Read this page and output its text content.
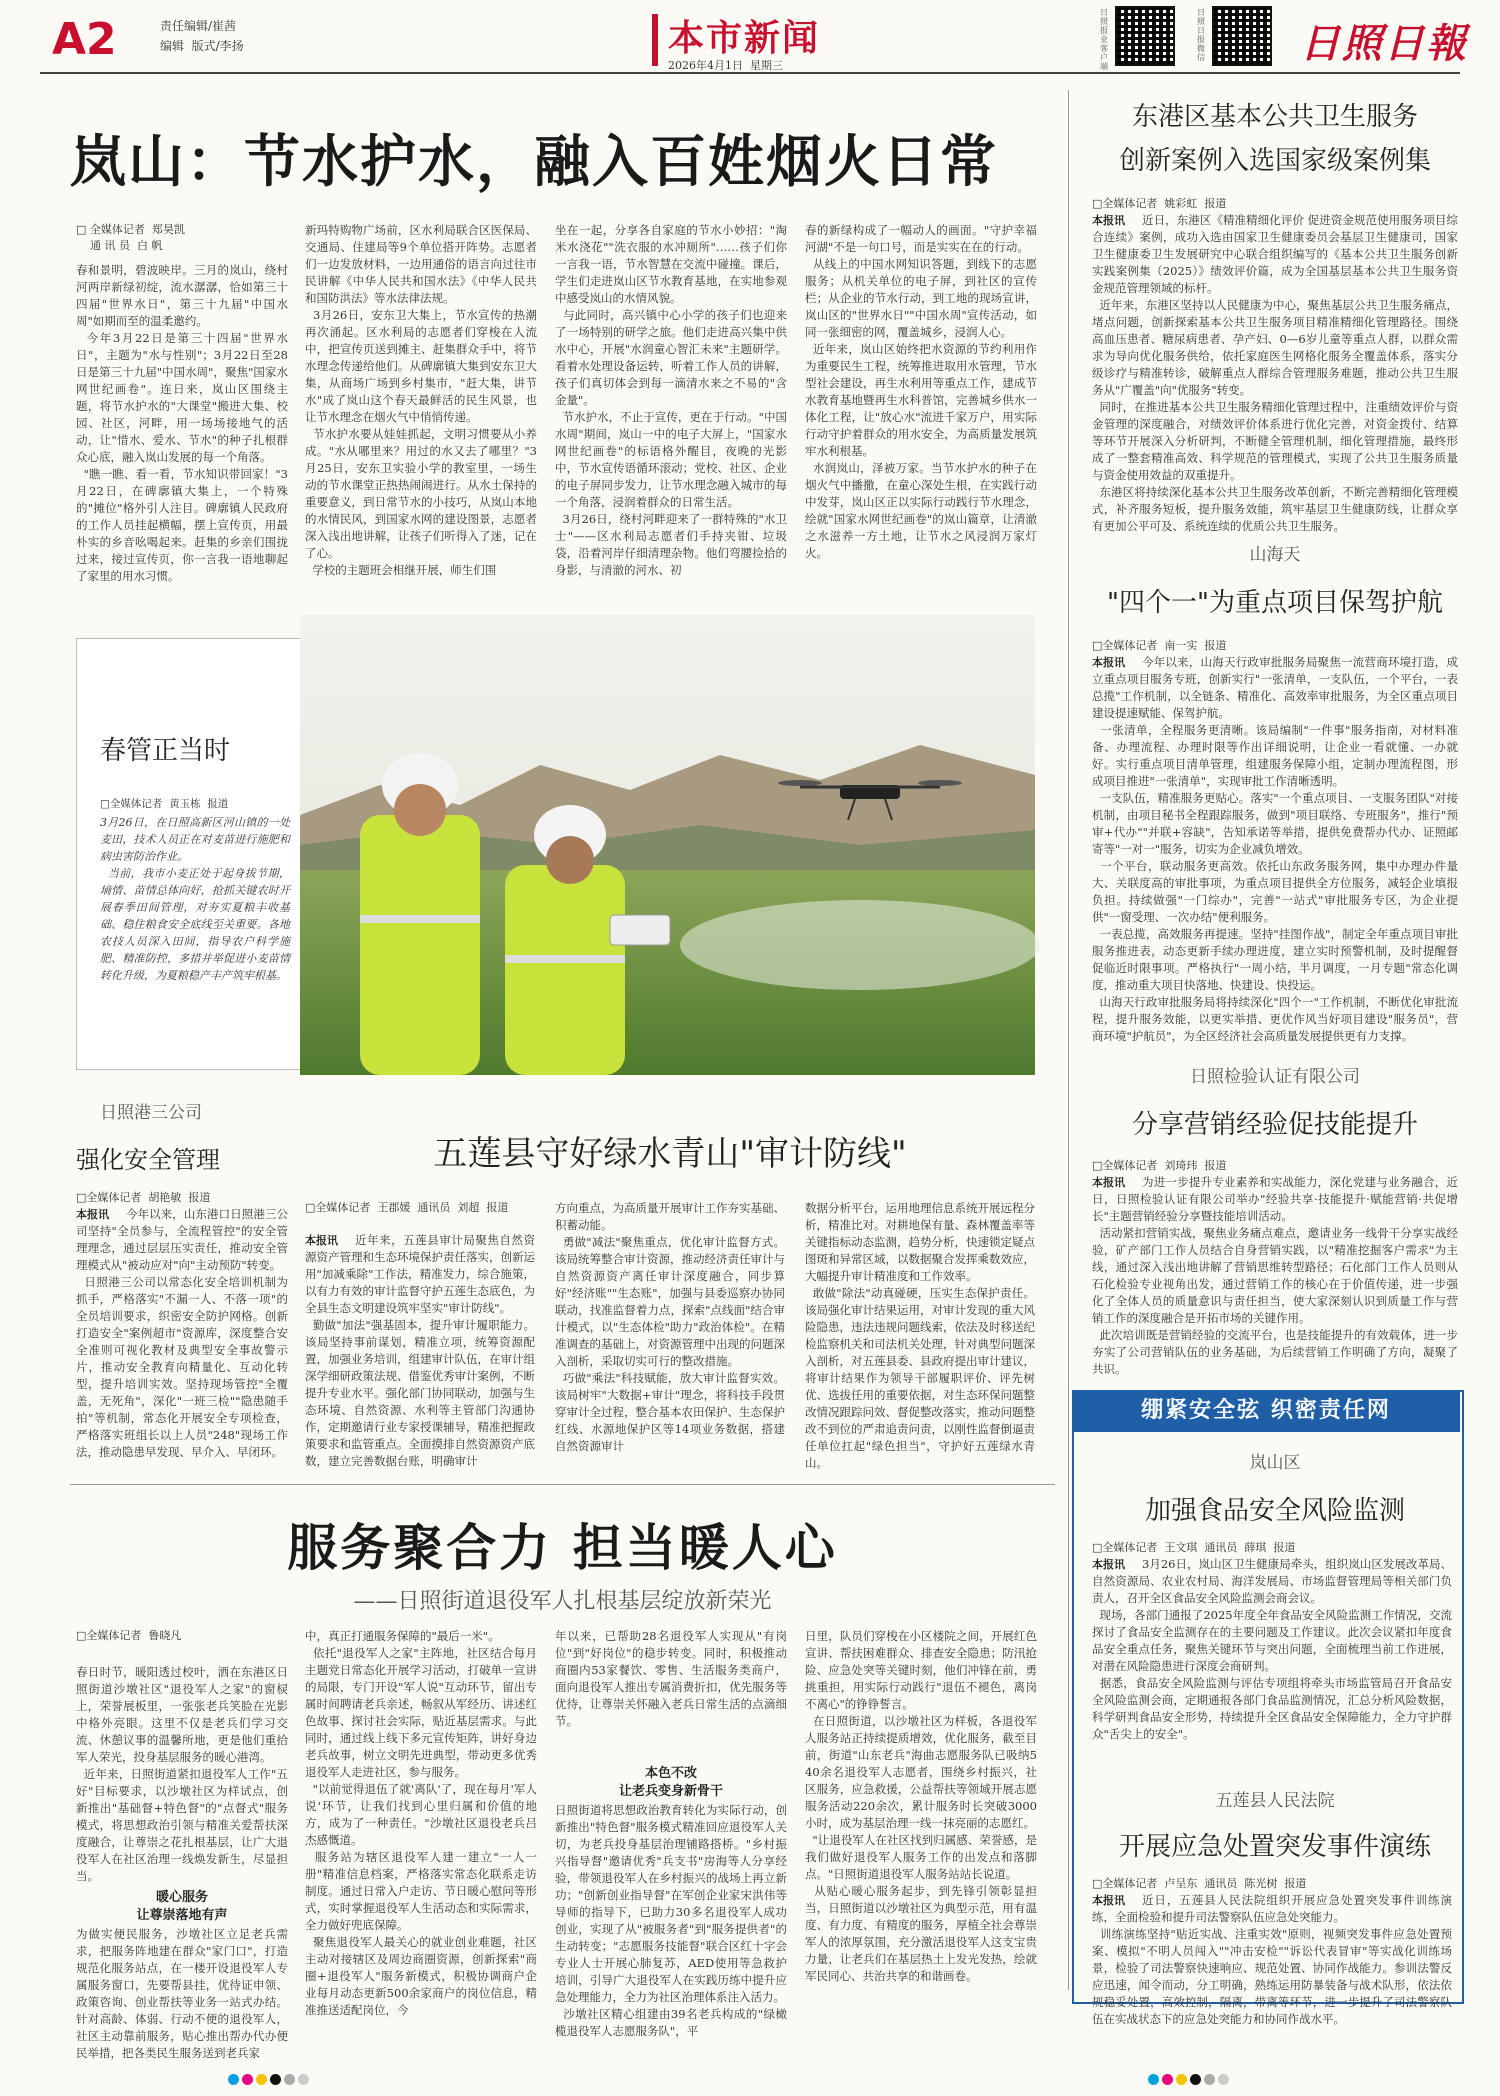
A2	责任编辑/崔茜
编辑  版式/李扬	本市新闻
2026年4月1日  星期三
日照报业客户端
日照日报微信 日照日報
岚山：节水护水，融入百姓烟火日常
□ 全媒体记者  郑昊凯
通 讯 员  白 帆
春和景明，碧波映岸。三月的岚山，绕村河两岸新绿初绽，流水潺潺，恰如第三十四届"世界水日"，第三十九届"中国水周"如期而至的温柔邀约。
今年3月22日是第三十四届"世界水日"，主题为"水与性别"；3月22日至28日是第三十九届"中国水周"，聚焦"国家水网世纪画卷"。连日来，岚山区围绕主题，将节水护水的"大课堂"搬进大集、校园、社区，河畔，用一场场接地气的活动，让"惜水、爱水、节水"的种子扎根群众心底，融入岚山发展的每一个角落。
"瞧一瞧、看一看，节水知识带回家！"3月22日，在碑廓镇大集上，一个特殊的"摊位"格外引人注目。碑廓镇人民政府的工作人员挂起横幅，摆上宣传页，用最朴实的乡音吆喝起来。赶集的乡亲们围拢过来，接过宣传页，你一言我一语地聊起了家里的用水习惯。
新玛特购物广场前，区水利局联合区医保局、交通局、住建局等9个单位搭开阵势。志愿者们一边发放材料，一边用通俗的语言向过往市民讲解《中华人民共和国水法》《中华人民共和国防洪法》等水法律法规。
3月26日，安东卫大集上，节水宣传的热潮再次涌起。区水利局的志愿者们穿梭在人流中，把宣传页送到摊主、赶集群众手中，将节水理念传递给他们。从碑廓镇大集到安东卫大集，从商场广场到乡村集市，"赶大集，讲节水"成了岚山这个春天最鲜活的民生风景，也让节水理念在烟火气中悄悄传递。
节水护水要从娃娃抓起，文明习惯要从小养成。"水从哪里来？用过的水又去了哪里？"3月25日，安东卫实验小学的教室里，一场生动的节水课堂正热热闹闹进行。从水土保持的重要意义，到日常节水的小技巧，从岚山本地的水情民风，到国家水网的建设图景，志愿者深入浅出地讲解，让孩子们听得入了迷，记在了心。
学校的主题班会相继开展，师生们围
坐在一起，分享各自家庭的节水小妙招："淘米水浇花""洗衣服的水冲厕所"……孩子们你一言我一语，节水智慧在交流中碰撞。课后，学生们走进岚山区节水教育基地，在实地参观中感受岚山的水情风貌。
与此同时，高兴镇中心小学的孩子们也迎来了一场特别的研学之旅。他们走进高兴集中供水中心，开展"水润童心智汇未来"主题研学。看着水处理设备运转，听着工作人员的讲解，孩子们真切体会到每一滴清水来之不易的"含金量"。
节水护水，不止于宣传，更在于行动。"中国水周"期间，岚山一中的电子大屏上，"国家水网世纪画卷"的标语格外醒目，夜晚的光影中，节水宣传语循环滚动；党校、社区、企业的电子屏同步发力，让节水理念融入城市的每一个角落，浸润着群众的日常生活。
3月26日，绕村河畔迎来了一群特殊的"水卫士"——区水利局志愿者们手持夹钳、垃圾袋，沿着河岸仔细清理杂物。他们弯腰捡拾的身影，与清澈的河水、初
春的新绿构成了一幅动人的画面。"守护幸福河湖"不是一句口号，而是实实在在的行动。
从线上的中国水网知识答题，到线下的志愿服务；从机关单位的电子屏，到社区的宣传栏；从企业的节水行动，到工地的现场宣讲，岚山区的"世界水日""中国水周"宣传活动，如同一张细密的网，覆盖城乡，浸润人心。
近年来，岚山区始终把水资源的节约利用作为重要民生工程，统筹推进取用水管理，节水型社会建设，再生水利用等重点工作，建成节水教育基地暨再生水科普馆，完善城乡供水一体化工程，让"放心水"流进千家万户，用实际行动守护着群众的用水安全，为高质量发展筑牢水利根基。
水润岚山，泽被万家。当节水护水的种子在烟火气中播撒，在童心深处生根，在实践行动中发芽，岚山区正以实际行动践行节水理念，绘就"国家水网世纪画卷"的岚山篇章，让清澈之水滋养一方土地，让节水之风浸润万家灯火。
东港区基本公共卫生服务
创新案例入选国家级案例集
□全媒体记者  姚彩虹  报道
本报讯	近日，东港区《精准精细化评价 促进资金规范使用服务项目综合连续》案例，成功入选由国家卫生健康委员会基层卫生健康司，国家卫生健康委卫生发展研究中心联合组织编写的《基本公共卫生服务创新实践案例集（2025）》绩效评价篇，成为全国基层基本公共卫生服务资金规范管理领域的标杆。
近年来，东港区坚持以人民健康为中心，聚焦基层公共卫生服务痛点，堵点问题，创新探索基本公共卫生服务项目精准精细化管理路径。围绕高血压患者、糖尿病患者、孕产妇、0—6岁儿童等重点人群，以群众需求为导向优化服务供给，依托家庭医生网格化服务全覆盖体系，落实分级诊疗与精准转诊，破解重点人群综合管理服务难题，推动公共卫生服务从"广覆盖"向"优服务"转变。
同时，在推进基本公共卫生服务精细化管理过程中，注重绩效评价与资金管理的深度融合，对绩效评价体系进行优化完善，对资金拨付、结算等环节开展深入分析研判，不断健全管理机制，细化管理措施，最终形成了一整套精准高效、科学规范的管理模式，实现了公共卫生服务质量与资金使用效益的双重提升。
东港区将持续深化基本公共卫生服务改革创新，不断完善精细化管理模式，补齐服务短板，提升服务效能，筑牢基层卫生健康防线，让群众享有更加公平可及、系统连续的优质公共卫生服务。
山海天
"四个一"为重点项目保驾护航
□全媒体记者  南一实  报道
本报讯	今年以来，山海天行政审批服务局聚焦一流营商环境打造，成立重点项目服务专班，创新实行"一张清单，一支队伍，一个平台，一表总揽"工作机制，以全链条、精准化、高效率审批服务，为全区重点项目建设提速赋能、保驾护航。
一张清单，全程服务更清晰。该局编制"一件事"服务指南，对材料准备、办理流程、办理时限等作出详细说明，让企业一看就懂、一办就好。实行重点项目清单管理，组建服务保障小组，定制办理流程图，形成项目推进"一张清单"，实现审批工作清晰透明。
一支队伍，精准服务更贴心。落实"一个重点项目、一支服务团队"对接机制，由项目秘书全程跟踪服务，做到"项目联络、专班服务"，推行"预审+代办""并联+容缺"，告知承诺等举措，提供免费帮办代办、证照邮寄等"一对一"服务，切实为企业减负增效。
一个平台，联动服务更高效。依托山东政务服务网，集中办理办件量大、关联度高的审批事项，为重点项目提供全方位服务，减轻企业填报负担。持续做强"一门综办"，完善"一站式"审批服务专区，为企业提供"一窗受理、一次办结"便利服务。
一表总揽，高效服务再提速。坚持"挂图作战"，制定全年重点项目审批服务推进表，动态更新手续办理进度，建立实时预警机制，及时提醒督促临近时限事项。严格执行"一周小结，半月调度，一月专题"常态化调度，推动重大项目快落地、快建设、快投运。
山海天行政审批服务局将持续深化"四个一"工作机制，不断优化审批流程，提升服务效能，以更实举措、更优作风当好项目建设"服务员"，营商环境"护航员"，为全区经济社会高质量发展提供更有力支撑。
春管正当时
□全媒体记者  黄玉栋  报道
3月26日，在日照高新区河山镇的一处麦田，技术人员正在对麦苗进行施肥和病虫害防治作业。
当前，我市小麦正处于起身拔节期，墒情、苗情总体向好，抢抓关键农时开展春季田间管理，对夯实夏粮丰收基础、稳住粮食安全底线至关重要。各地农技人员深入田间，指导农户科学施肥、精准防控，多措并举促进小麦苗情转化升级，为夏粮稳产丰产筑牢根基。
日照港三公司
强化安全管理
□全媒体记者  胡艳敏  报道
本报讯	今年以来，山东港口日照港三公司坚持"全员参与，全流程管控"的安全管理理念，通过层层压实责任，推动安全管理模式从"被动应对"向"主动预防"转变。
日照港三公司以常态化安全培训机制为抓手，严格落实"不漏一人、不落一项"的全员培训要求，织密安全防护网格。创新打造安全"案例超市"资源库，深度整合安全准则可视化教材及典型安全事故警示片，推动安全教育向精量化、互动化转型，提升培训实效。坚持现场管控"全覆盖，无死角"，深化"一班三检""隐患随手拍"等机制，常态化开展安全专项检查，严格落实班组长以上人员"248"现场工作法，推动隐患早发现、早介入、早闭环。
五莲县守好绿水青山"审计防线"
□全媒体记者  王郡媛  通讯员  刘超  报道
本报讯	近年来，五莲县审计局聚焦自然资源资产管理和生态环境保护责任落实，创新运用"加减乘除"工作法，精准发力，综合施策，以有力有效的审计监督守护五莲生态底色，为全县生态文明建设筑牢坚实"审计防线"。
勤做"加法"强基固本，提升审计履职能力。该局坚持事前谋划，精准立项，统筹资源配置，加强业务培训，组建审计队伍，在审计组深学细研政策法规、借鉴优秀审计案例，不断提升专业水平。强化部门协同联动，加强与生态环境、自然资源、水利等主管部门沟通协作，定期邀请行业专家授课辅导，精准把握政策要求和监管重点。全面摸排自然资源资产底数，建立完善数据台账，明确审计
方向重点，为高质量开展审计工作夯实基础、积蓄动能。
勇做"减法"聚焦重点，优化审计监督方式。该局统筹整合审计资源，推动经济责任审计与自然资源资产离任审计深度融合，同步算好"经济账""生态账"，加强与县委巡察办协同联动，找准监督着力点，探索"点线面"结合审计模式，以"生态体检"助力"政治体检"。在精准调查的基础上，对资源管理中出现的问题深入剖析，采取切实可行的整改措施。
巧做"乘法"科技赋能，放大审计监督实效。该局树牢"大数据+审计"理念，将科技手段贯穿审计全过程，整合基本农田保护、生态保护红线、水源地保护区等14项业务数据，搭建自然资源审计
数据分析平台，运用地理信息系统开展远程分析，精准比对。对耕地保有量、森林覆盖率等关键指标动态监测，趋势分析，快速锁定疑点图斑和异常区域，以数据聚合发挥乘数效应，大幅提升审计精准度和工作效率。
敢做"除法"动真碰硬，压实生态保护责任。该局强化审计结果运用，对审计发现的重大风险隐患，违法违规问题线索，依法及时移送纪检监察机关和司法机关处理，针对典型问题深入剖析，对五莲县委、县政府提出审计建议，将审计结果作为领导干部履职评价、评先树优、选拔任用的重要依据，对生态环保问题整改情况跟踪问效、督促整改落实，推动问题整改不到位的严肃追责问责，以刚性监督倒逼责任单位扛起"绿色担当"，守护好五莲绿水青山。
日照检验认证有限公司
分享营销经验促技能提升
□全媒体记者  刘琦玮  报道
本报讯	为进一步提升专业素养和实战能力，深化党建与业务融合，近日，日照检验认证有限公司举办"经验共享·技能提升·赋能营销·共促增长"主题营销经验分享暨技能培训活动。
活动紧扣营销实战，聚焦业务痛点难点，邀请业务一线骨干分享实战经验，矿产部门工作人员结合自身营销实践，以"精准挖掘客户需求"为主线，通过深入浅出地讲解了营销思维转型路径；石化部门工作人员则从石化检验专业视角出发，通过营销工作的核心在于价值传递，进一步强化了全体人员的质量意识与责任担当，使大家深刻认识到质量工作与营销工作的深度融合是开拓市场的关键作用。
此次培训既是营销经验的交流平台，也是技能提升的有效载体，进一步夯实了公司营销队伍的业务基础，为后续营销工作明确了方向，凝聚了共识。
绷紧安全弦 织密责任网
岚山区
加强食品安全风险监测
□全媒体记者  王文琪  通讯员  薛琪  报道
本报讯	3月26日，岚山区卫生健康局牵头，组织岚山区发展改革局、自然资源局、农业农村局、海洋发展局、市场监督管理局等相关部门负责人，召开全区食品安全风险监测会商会议。
现场，各部门通报了2025年度全年食品安全风险监测工作情况，交流探讨了食品安全监测存在的主要问题及工作建议。此次会议紧扣年度食品安全重点任务，聚焦关键环节与突出问题，全面梳理当前工作进展，对潜在风险隐患进行深度会商研判。
据悉，食品安全风险监测与评估专项组将牵头市场监管局召开食品安全风险监测会商，定期通报各部门食品监测情况，汇总分析风险数据，科学研判食品安全形势，持续提升全区食品安全保障能力，全力守护群众"舌尖上的安全"。
五莲县人民法院
开展应急处置突发事件演练
□全媒体记者  卢呈东  通讯员  陈光树  报道
本报讯	近日，五莲县人民法院组织开展应急处置突发事件训练演练，全面检验和提升司法警察队伍应急处突能力。
训练演练坚持"贴近实战、注重实效"原则，视频突发事件应急处置预案、模拟"不明人员闯入""冲击安检""诉讼代表冒审"等实战化训练场景，检验了司法警察快速响应、规范处置、协同作战能力。参训法警反应迅速，闻令而动，分工明确，熟练运用防暴装备与战术队形，依法依规稳妥处置，高效控制，隔离，带离等环节，进一步提升了司法警察队伍在实战状态下的应急处突能力和协同作战水平。
服务聚合力 担当暖人心
——日照街道退役军人扎根基层绽放新荣光
□全媒体记者  鲁晓凡
春日时节，暖阳透过校叶，洒在东港区日照街道沙墩社区"退役军人之家"的窗棂上，荣誉展板里，一张张老兵笑脸在光影中格外亮眼。这里不仅是老兵们学习交流、休憩议事的温馨所地，更是他们重拾军人荣光，投身基层服务的暖心港湾。
近年来，日照街道紧扣退役军人工作"五好"目标要求，以沙墩社区为样试点，创新推出"基础督+特色督"的"点督式"服务模式，将思想政治引领与精准关爱帮扶深度融合，让尊崇之花扎根基层，让广大退役军人在社区治理一线焕发新生，尽显担当。
暖心服务
让尊崇落地有声
为做实便民服务，沙墩社区立足老兵需求，把服务阵地建在群众"家门口"，打造规范化服务站点，在一楼开设退役军人专属服务窗口，先要帮县挂，优待证申领、政策咨询、创业帮扶等业务一站式办结。针对高龄、体弱、行动不便的退役军人，社区主动靠前服务，贴心推出帮办代办便民举措，把各类民生服务送到老兵家
中，真正打通服务保障的"最后一米"。
依托"退役军人之家"主阵地，社区结合每月主题党日常态化开展学习活动，打破单一宣讲的局限，专门开设"军人说"互动环节，留出专属时间聘请老兵亲述，畅叙从军经历、讲述红色故事、探讨社会实际，贴近基层需求。与此同时，通过线上线下多元宣传矩阵，讲好身边老兵故事，树立文明先进典型，带动更多优秀退役军人走进社区，参与服务。
"以前觉得退伍了就'离队'了，现在每月'军人说'环节，让我们找到心里归属和价值的地方，成为了一种责任。"沙墩社区退役老兵吕杰感慨道。
服务站为辖区退役军人建一建立"一人一册"精准信息档案，严格落实常态化联系走访制度。通过日常入户走访、节日暖心慰问等形式，实时掌握退役军人生活动态和实际需求，全力做好兜底保障。
聚焦退役军人最关心的就业创业难题，社区主动对接辖区及周边商圈资源，创新探索"商圈+退役军人"服务新模式，积极协调商户企业每月动态更新500余家商户的岗位信息，精准推送适配岗位，今
年以来，已帮助28名退役军人实现从"有岗位"到"好岗位"的稳步转变。同时，积极推动商圈内53家餐饮、零售、生活服务类商户，面向退役军人推出专属消费折扣，优先服务等优待，让尊崇关怀融入老兵日常生活的点滴细节。
本色不改
让老兵变身新骨干
日照街道将思想政治教育转化为实际行动，创新推出"特色督"服务模式精准回应退役军人关切，为老兵投身基层治理铺路搭桥。"乡村振兴指导督"邀请优秀"兵支书"房海等人分享经验，带领退役军人在乡村振兴的战场上再立新功；"创新创业指导督"在军创企业家宋洪伟等导师的指导下，已助力30多名退役军人成功创业，实现了从"被服务者"到"服务提供者"的生动转变；"志愿服务技能督"联合区红十字会专业人士开展心肺复苏，AED使用等急救护培训，引导广大退役军人在实践历练中提升应急处理能力，全力为社区治理体系注入活力。
沙墩社区精心组建由39名老兵构成的"绿橄榄退役军人志愿服务队"，平
日里，队员们穿梭在小区楼院之间，开展红色宣讲、帮扶困难群众、排查安全隐患；防汛抢险、应急处突等关键时刻，他们冲锋在前，勇挑重担，用实际行动践行"退伍不褪色，离岗不离心"的铮铮誓言。
在日照街道，以沙墩社区为样板，各退役军人服务站正持续提质增效，优化服务，截至目前，街道"山东老兵"海曲志愿服务队已吸纳540余名退役军人志愿者，围绕乡村振兴，社区服务，应急救援，公益帮扶等领域开展志愿服务活动220余次，累计服务时长突破3000小时，成为基层治理一线一抹亮丽的志愿红。
"让退役军人在社区找到归属感、荣誉感，是我们做好退役军人服务工作的出发点和落脚点。"日照街道退役军人服务站站长说道。
从贴心暖心服务起步，到先锋引领彰显担当，日照街道以沙墩社区为典型示范，用有温度、有力度、有精度的服务，厚植全社会尊崇军人的浓厚氛围，充分激活退役军人这支宝贵力量，让老兵们在基层热土上发光发热，绘就军民同心、共治共享的和谐画卷。
